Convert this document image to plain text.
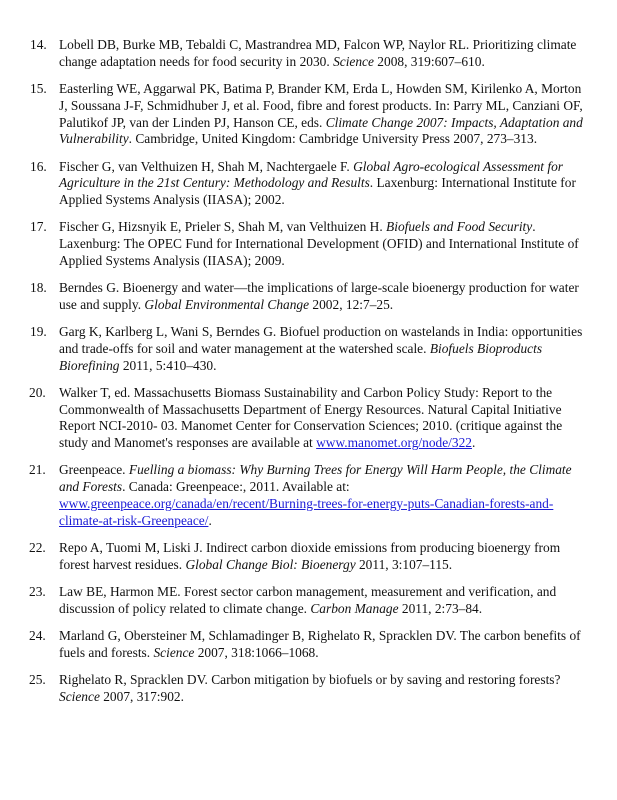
14. Lobell DB, Burke MB, Tebaldi C, Mastrandrea MD, Falcon WP, Naylor RL. Prioritizing climate change adaptation needs for food security in 2030. Science 2008, 319:607–610.
15. Easterling WE, Aggarwal PK, Batima P, Brander KM, Erda L, Howden SM, Kirilenko A, Morton J, Soussana J-F, Schmidhuber J, et al. Food, fibre and forest products. In: Parry ML, Canziani OF, Palutikof JP, van der Linden PJ, Hanson CE, eds. Climate Change 2007: Impacts, Adaptation and Vulnerability. Cambridge, United Kingdom: Cambridge University Press 2007, 273–313.
16. Fischer G, van Velthuizen H, Shah M, Nachtergaele F. Global Agro-ecological Assessment for Agriculture in the 21st Century: Methodology and Results. Laxenburg: International Institute for Applied Systems Analysis (IIASA); 2002.
17. Fischer G, Hizsnyik E, Prieler S, Shah M, van Velthuizen H. Biofuels and Food Security. Laxenburg: The OPEC Fund for International Development (OFID) and International Institute of Applied Systems Analysis (IIASA); 2009.
18. Berndes G. Bioenergy and water—the implications of large-scale bioenergy production for water use and supply. Global Environmental Change 2002, 12:7–25.
19. Garg K, Karlberg L, Wani S, Berndes G. Biofuel production on wastelands in India: opportunities and trade-offs for soil and water management at the watershed scale. Biofuels Bioproducts Biorefining 2011, 5:410–430.
20. Walker T, ed. Massachusetts Biomass Sustainability and Carbon Policy Study: Report to the Commonwealth of Massachusetts Department of Energy Resources. Natural Capital Initiative Report NCI-2010- 03. Manomet Center for Conservation Sciences; 2010. (critique against the study and Manomet's responses are available at www.manomet.org/node/322.
21. Greenpeace. Fuelling a biomass: Why Burning Trees for Energy Will Harm People, the Climate and Forests. Canada: Greenpeace:, 2011. Available at: www.greenpeace.org/canada/en/recent/Burning-trees-for-energy-puts-Canadian-forests-and-climate-at-risk-Greenpeace/.
22. Repo A, Tuomi M, Liski J. Indirect carbon dioxide emissions from producing bioenergy from forest harvest residues. Global Change Biol: Bioenergy 2011, 3:107–115.
23. Law BE, Harmon ME. Forest sector carbon management, measurement and verification, and discussion of policy related to climate change. Carbon Manage 2011, 2:73–84.
24. Marland G, Obersteiner M, Schlamadinger B, Righelato R, Spracklen DV. The carbon benefits of fuels and forests. Science 2007, 318:1066–1068.
25. Righelato R, Spracklen DV. Carbon mitigation by biofuels or by saving and restoring forests? Science 2007, 317:902.
